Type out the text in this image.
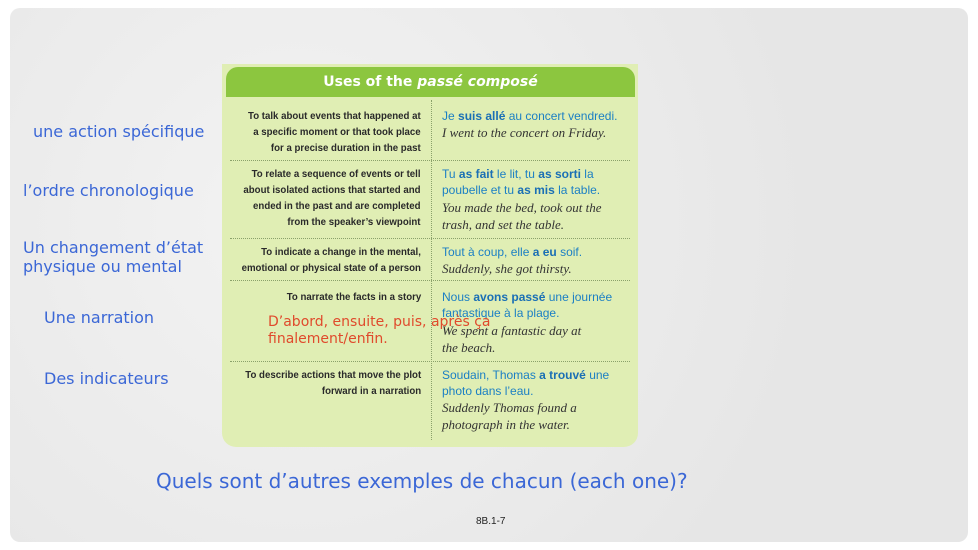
une action spécifique
l’ordre chronologique
Un changement d’état
physique ou mental
Une narration
Des indicateurs
Uses of the passé composé
To talk about events that happened at
a specific moment or that took place
for a precise duration in the past
Je suis allé au concert vendredi.
I went to the concert on Friday.
To relate a sequence of events or tell
about isolated actions that started and
ended in the past and are completed
from the speaker’s viewpoint
Tu as fait le lit, tu as sorti la
poubelle et tu as mis la table.
You made the bed, took out the
trash, and set the table.
To indicate a change in the mental,
emotional or physical state of a person
Tout à coup, elle a eu soif.
Suddenly, she got thirsty.
To narrate the facts in a story Nous avons passé une journée
fantastique à la plage.
We spent a fantastic day at
the beach.
To describe actions that move the plot
forward in a narration
Soudain, Thomas a trouvé une
photo dans l’eau.
Suddenly Thomas found a
photograph in the water.
D’abord, ensuite, puis, après ça
finalement/enfin.
Quels sont d’autres exemples de chacun (each one)?
8B.1-7
